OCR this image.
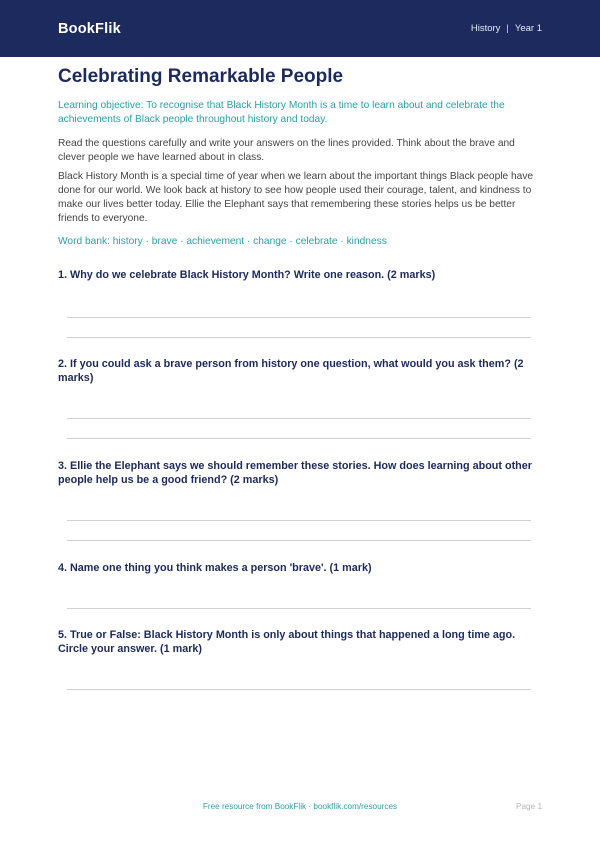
BookFlik	History | Year 1
Celebrating Remarkable People
Learning objective: To recognise that Black History Month is a time to learn about and celebrate the achievements of Black people throughout history and today.
Read the questions carefully and write your answers on the lines provided. Think about the brave and clever people we have learned about in class.
Black History Month is a special time of year when we learn about the important things Black people have done for our world. We look back at history to see how people used their courage, talent, and kindness to make our lives better today. Ellie the Elephant says that remembering these stories helps us be better friends to everyone.
Word bank: history · brave · achievement · change · celebrate · kindness
1. Why do we celebrate Black History Month? Write one reason. (2 marks)
2. If you could ask a brave person from history one question, what would you ask them? (2 marks)
3. Ellie the Elephant says we should remember these stories. How does learning about other people help us be a good friend? (2 marks)
4. Name one thing you think makes a person 'brave'. (1 mark)
5. True or False: Black History Month is only about things that happened a long time ago. Circle your answer. (1 mark)
Free resource from BookFlik · bookflik.com/resources	Page 1
